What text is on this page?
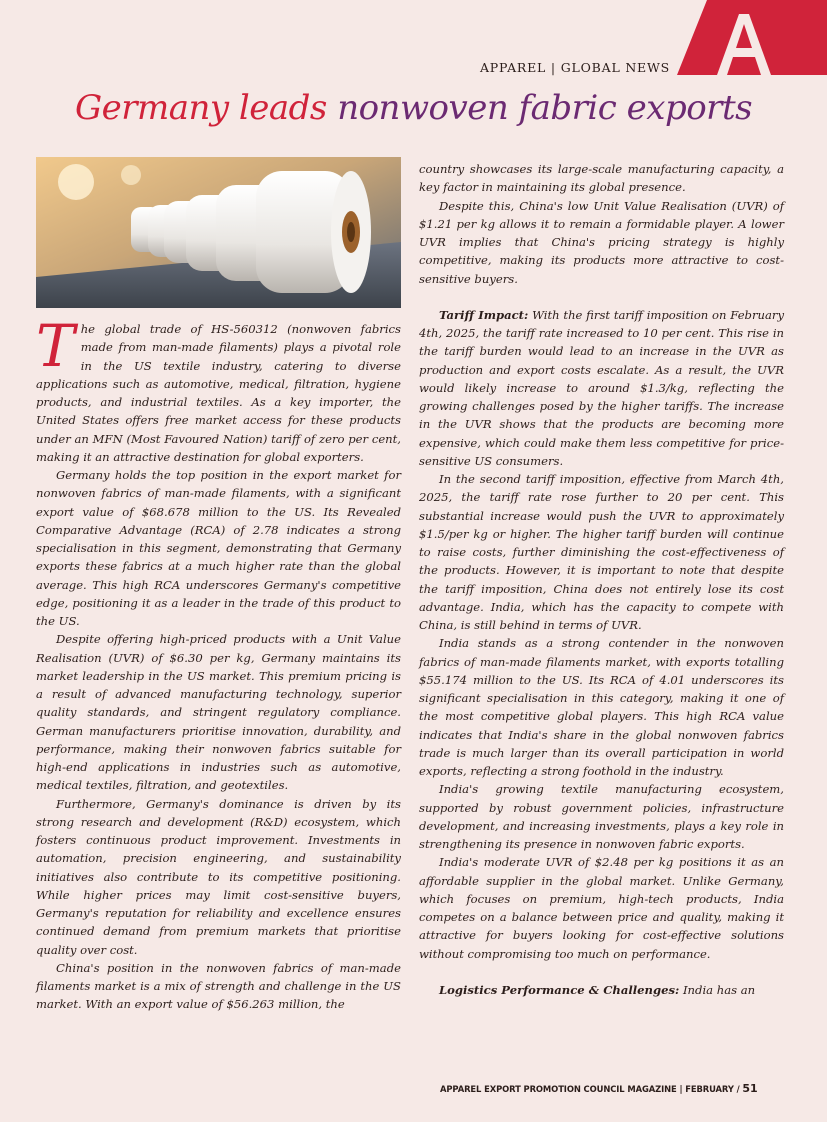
APPAREL | GLOBAL NEWS
Germany leads nonwoven fabric exports

The global trade of HS-560312 (nonwoven fabrics made from man-made filaments) plays a pivotal role in the US textile industry, catering to diverse applications such as automotive, medical, filtration, hygiene products, and industrial textiles. As a key importer, the United States offers free market access for these products under an MFN (Most Favoured Nation) tariff of zero per cent, making it an attractive destination for global exporters.

Germany holds the top position in the export market for nonwoven fabrics of man-made filaments, with a significant export value of $68.678 million to the US. Its Revealed Comparative Advantage (RCA) of 2.78 indicates a strong specialisation in this segment, demonstrating that Germany exports these fabrics at a much higher rate than the global average. This high RCA underscores Germany's competitive edge, positioning it as a leader in the trade of this product to the US.

Despite offering high-priced products with a Unit Value Realisation (UVR) of $6.30 per kg, Germany maintains its market leadership in the US market. This premium pricing is a result of advanced manufacturing technology, superior quality standards, and stringent regulatory compliance. German manufacturers prioritise innovation, durability, and performance, making their nonwoven fabrics suitable for high-end applications in industries such as automotive, medical textiles, filtration, and geotextiles.

Furthermore, Germany's dominance is driven by its strong research and development (R&D) ecosystem, which fosters continuous product improvement. Investments in automation, precision engineering, and sustainability initiatives also contribute to its competitive positioning. While higher prices may limit cost-sensitive buyers, Germany's reputation for reliability and excellence ensures continued demand from premium markets that prioritise quality over cost.

China's position in the nonwoven fabrics of man-made filaments market is a mix of strength and challenge in the US market. With an export value of $56.263 million, the

country showcases its large-scale manufacturing capacity, a key factor in maintaining its global presence.

Despite this, China's low Unit Value Realisation (UVR) of $1.21 per kg allows it to remain a formidable player. A lower UVR implies that China's pricing strategy is highly competitive, making its products more attractive to cost-sensitive buyers.

Tariff Impact: With the first tariff imposition on February 4th, 2025, the tariff rate increased to 10 per cent. This rise in the tariff burden would lead to an increase in the UVR as production and export costs escalate. As a result, the UVR would likely increase to around $1.3/kg, reflecting the growing challenges posed by the higher tariffs. The increase in the UVR shows that the products are becoming more expensive, which could make them less competitive for price-sensitive US consumers.

In the second tariff imposition, effective from March 4th, 2025, the tariff rate rose further to 20 per cent. This substantial increase would push the UVR to approximately $1.5/per kg or higher. The higher tariff burden will continue to raise costs, further diminishing the cost-effectiveness of the products. However, it is important to note that despite the tariff imposition, China does not entirely lose its cost advantage. India, which has the capacity to compete with China, is still behind in terms of UVR.

India stands as a strong contender in the nonwoven fabrics of man-made filaments market, with exports totalling $55.174 million to the US. Its RCA of 4.01 underscores its significant specialisation in this category, making it one of the most competitive global players. This high RCA value indicates that India's share in the global nonwoven fabrics trade is much larger than its overall participation in world exports, reflecting a strong foothold in the industry.

India's growing textile manufacturing ecosystem, supported by robust government policies, infrastructure development, and increasing investments, plays a key role in strengthening its presence in nonwoven fabric exports.

India's moderate UVR of $2.48 per kg positions it as an affordable supplier in the global market. Unlike Germany, which focuses on premium, high-tech products, India competes on a balance between price and quality, making it attractive for buyers looking for cost-effective solutions without compromising too much on performance.

Logistics Performance & Challenges: India has an

APPAREL EXPORT PROMOTION COUNCIL MAGAZINE | FEBRUARY / 51
